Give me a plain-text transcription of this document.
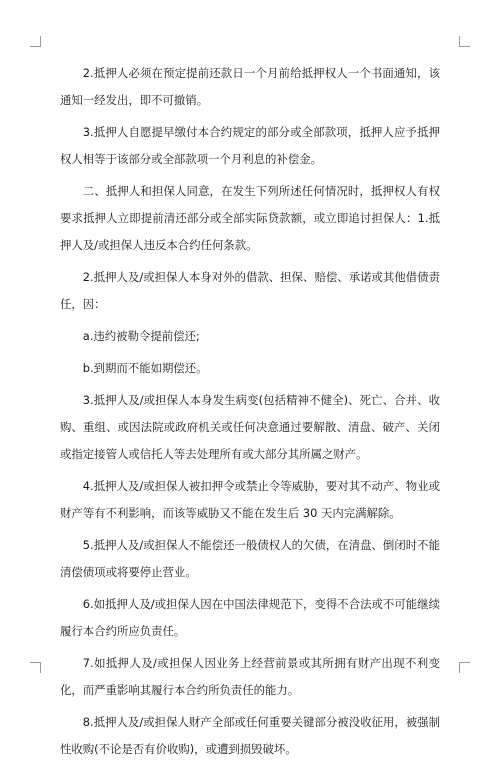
2.抵押人必须在预定提前还款日一个月前给抵押权人一个书面通知，该通知一经发出，即不可撤销。

3.抵押人自愿提早缴付本合约规定的部分或全部款项，抵押人应予抵押权人相等于该部分或全部款项一个月利息的补偿金。

二、抵押人和担保人同意，在发生下列所述任何情况时，抵押权人有权要求抵押人立即提前清还部分或全部实际贷款额，或立即追讨担保人：1.抵押人及/或担保人违反本合约任何条款。

2.抵押人及/或担保人本身对外的借款、担保、赔偿、承诺或其他借债责任，因：

a.违约被勒令提前偿还;

b.到期而不能如期偿还。

3.抵押人及/或担保人本身发生病变(包括精神不健全)、死亡、合并、收购、重组、或因法院或政府机关或任何决意通过要解散、清盘、破产、关闭或指定接管人或信托人等去处理所有或大部分其所属之财产。

4.抵押人及/或担保人被扣押令或禁止令等威胁，要对其不动产、物业或财产等有不利影响，而该等威胁又不能在发生后 30 天内完满解除。

5.抵押人及/或担保人不能偿还一般债权人的欠债，在清盘、倒闭时不能清偿债项或将要停止营业。

6.如抵押人及/或担保人因在中国法律规范下，变得不合法或不可能继续履行本合约所应负责任。

7.如抵押人及/或担保人因业务上经营前景或其所拥有财产出现不利变化，而严重影响其履行本合约所负责任的能力。

8.抵押人及/或担保人财产全部或任何重要关键部分被没收征用，被强制性收购(不论是否有价收购)，或遭到损毁破坏。
